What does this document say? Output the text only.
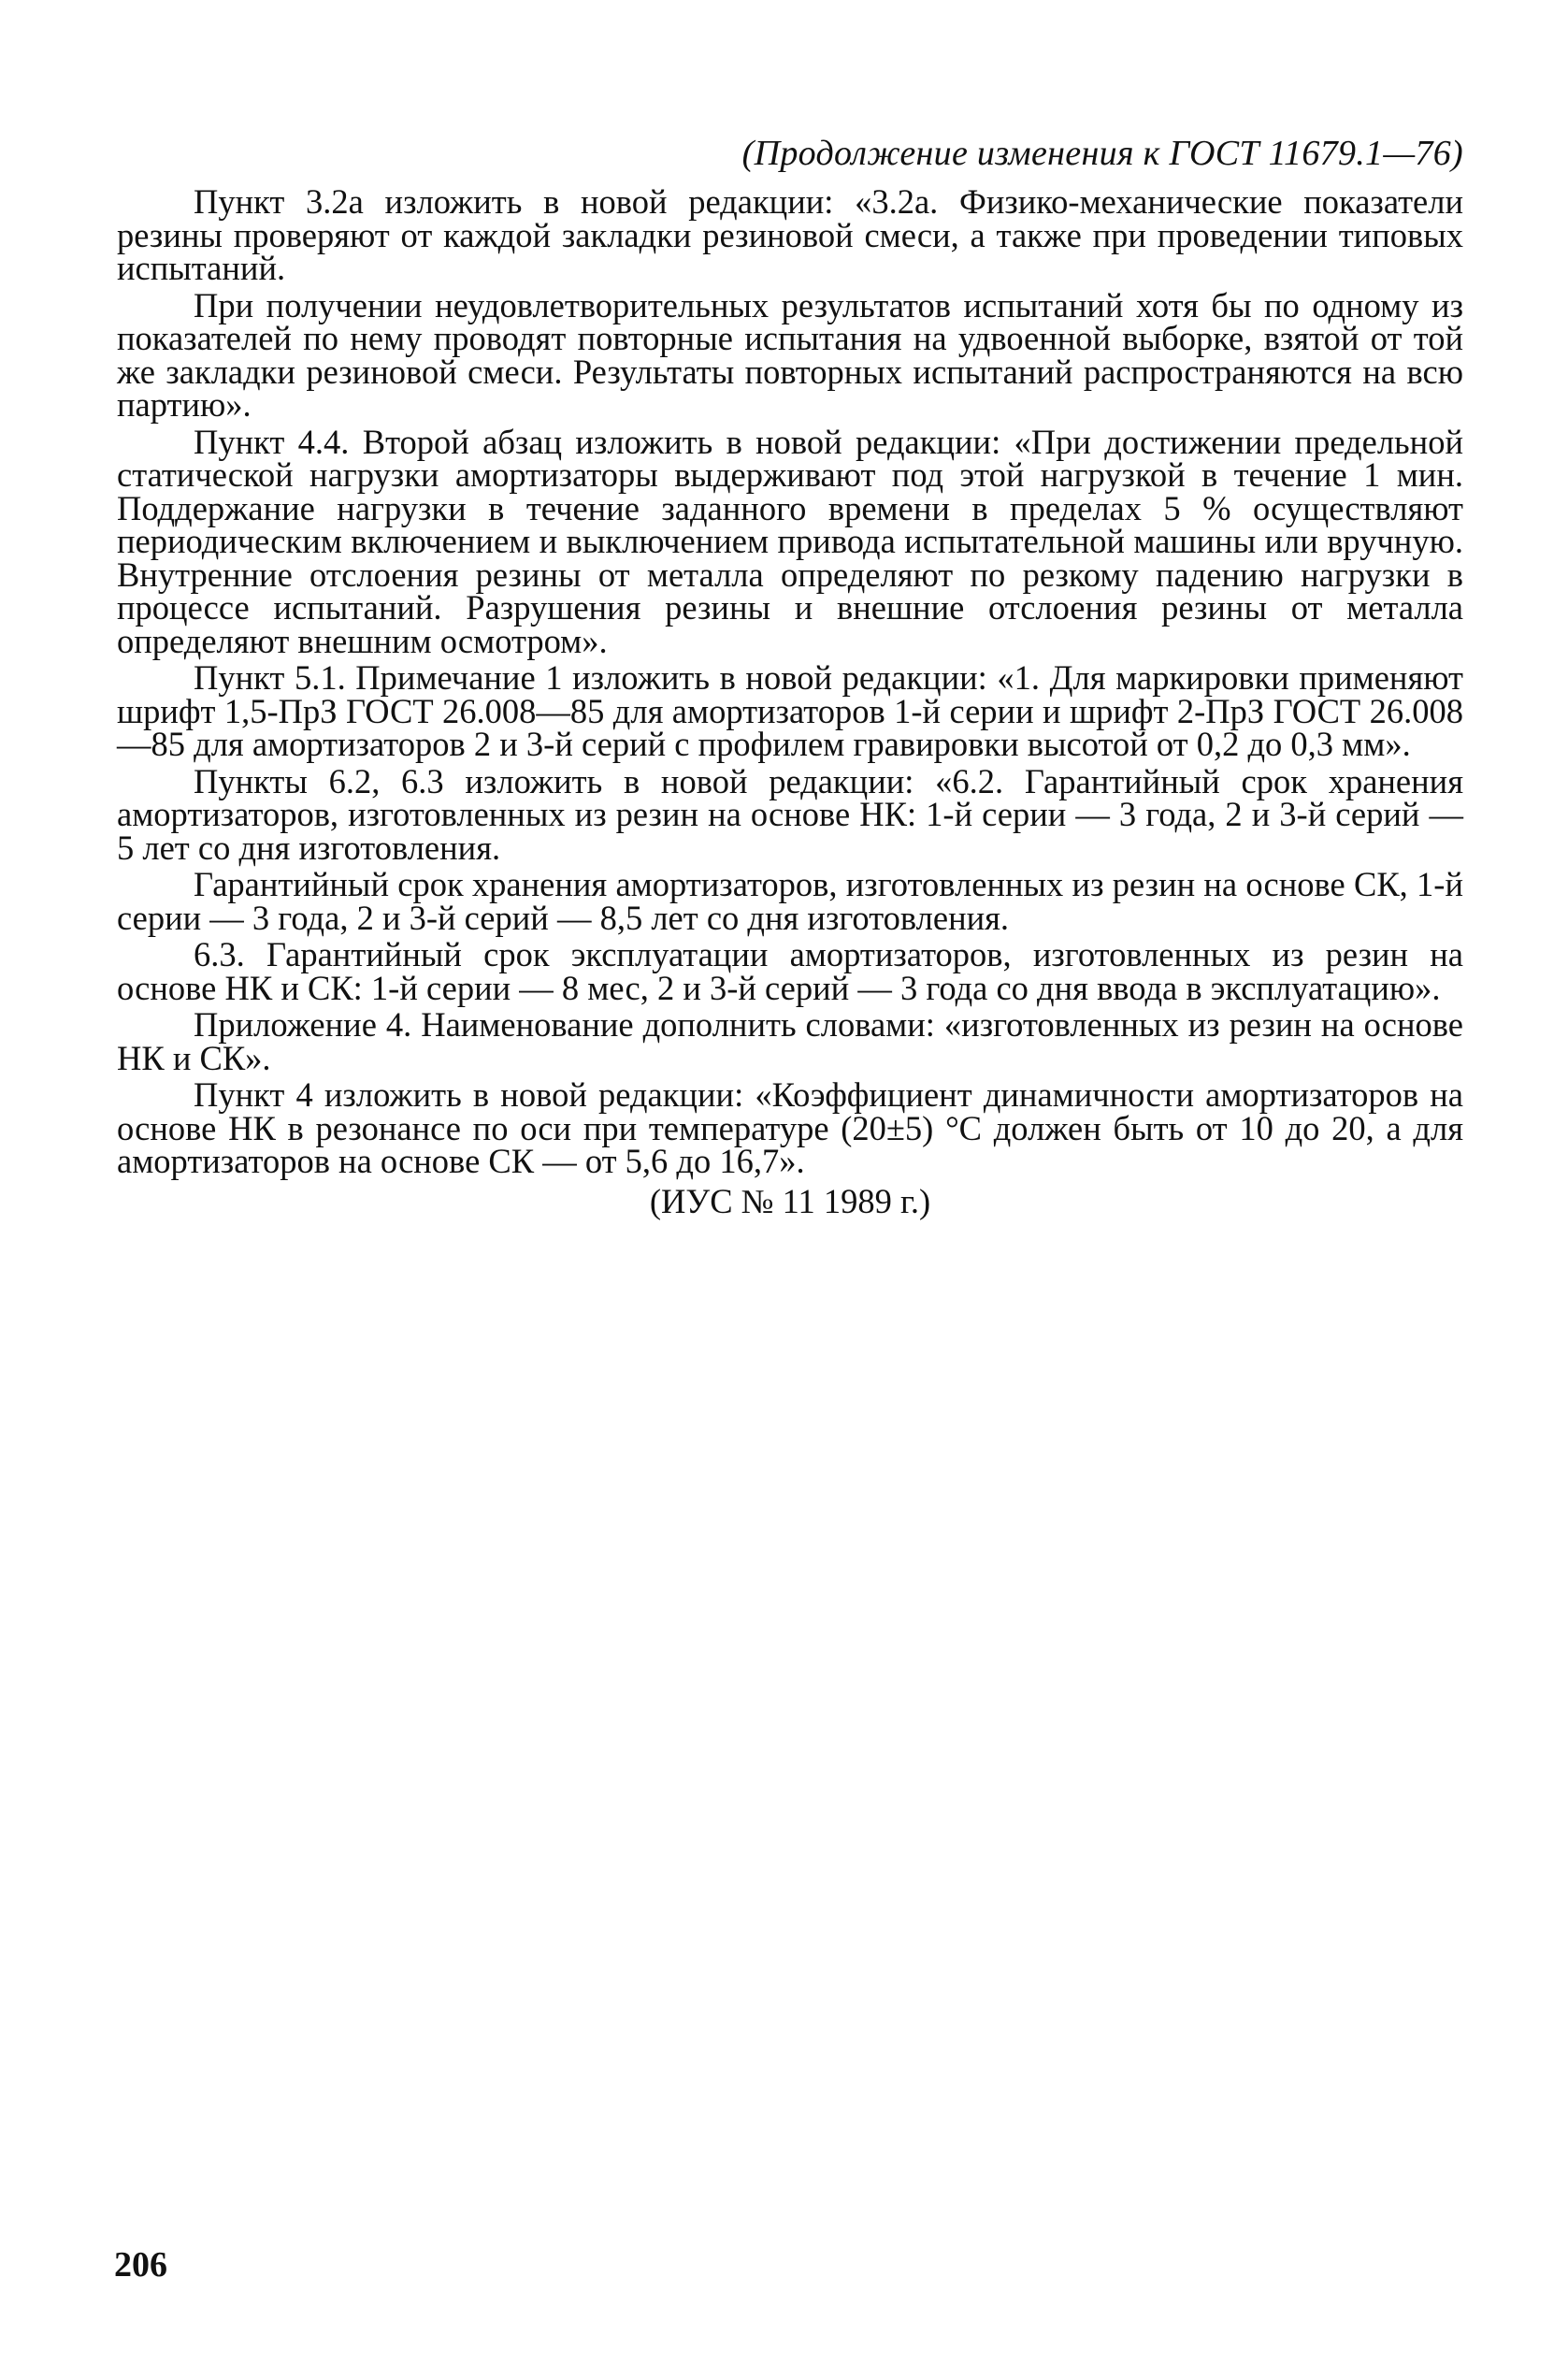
(Продолжение изменения к ГОСТ 11679.1—76)

Пункт 3.2а изложить в новой редакции: «3.2а. Физико-механические показатели резины проверяют от каждой закладки резиновой смеси, а также при проведении типовых испытаний.

При получении неудовлетворительных результатов испытаний хотя бы по одному из показателей по нему проводят повторные испытания на удвоенной выборке, взятой от той же закладки резиновой смеси. Результаты повторных испытаний распространяются на всю партию».

Пункт 4.4. Второй абзац изложить в новой редакции: «При достижении предельной статической нагрузки амортизаторы выдерживают под этой нагрузкой в течение 1 мин. Поддержание нагрузки в течение заданного времени в пределах 5 % осуществляют периодическим включением и выключением привода испытательной машины или вручную. Внутренние отслоения резины от металла определяют по резкому падению нагрузки в процессе испытаний. Разрушения резины и внешние отслоения резины от металла определяют внешним осмотром».

Пункт 5.1. Примечание 1 изложить в новой редакции: «1. Для маркировки применяют шрифт 1,5-ПрЗ ГОСТ 26.008—85 для амортизаторов 1-й серии и шрифт 2-ПрЗ ГОСТ 26.008—85 для амортизаторов 2 и 3-й серий с профилем гравировки высотой от 0,2 до 0,3 мм».

Пункты 6.2, 6.3 изложить в новой редакции: «6.2. Гарантийный срок хранения амортизаторов, изготовленных из резин на основе НК: 1-й серии — 3 года, 2 и 3-й серий — 5 лет со дня изготовления.

Гарантийный срок хранения амортизаторов, изготовленных из резин на основе СК, 1-й серии — 3 года, 2 и 3-й серий — 8,5 лет со дня изготовления.

6.3. Гарантийный срок эксплуатации амортизаторов, изготовленных из резин на основе НК и СК: 1-й серии — 8 мес, 2 и 3-й серий — 3 года со дня ввода в эксплуатацию».

Приложение 4. Наименование дополнить словами: «изготовленных из резин на основе НК и СК».

Пункт 4 изложить в новой редакции: «Коэффициент динамичности амортизаторов на основе НК в резонансе по оси при температуре (20±5) °С должен быть от 10 до 20, а для амортизаторов на основе СК — от 5,6 до 16,7».

(ИУС № 11 1989 г.)
206
